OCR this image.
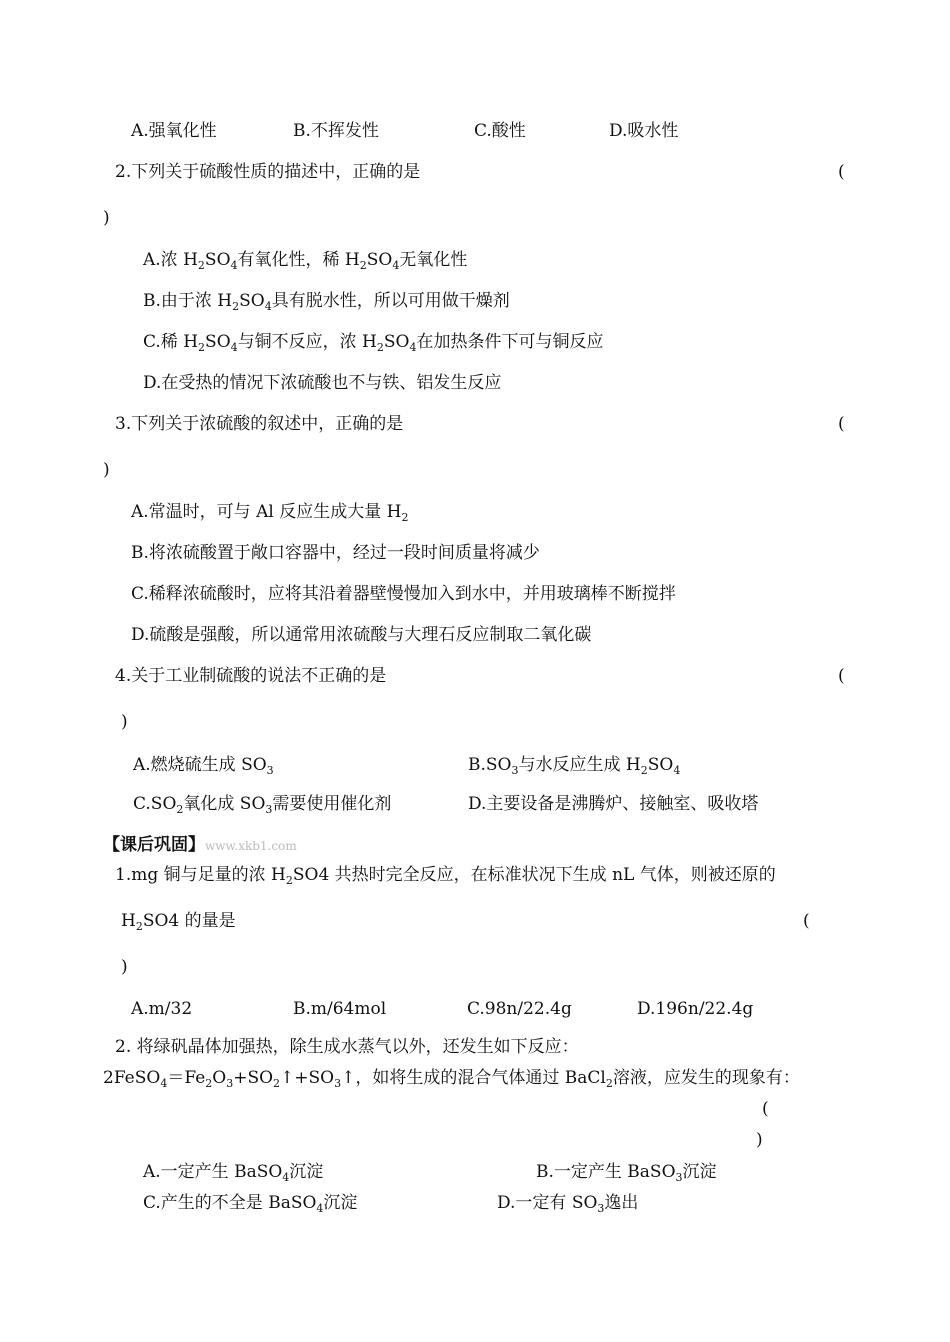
A.强氧化性	B.不挥发性	C.酸性	D.吸水性
2.下列关于硫酸性质的描述中，正确的是	(
)
A.浓 $H_2SO_4$有氧化性，稀 $H_2SO_4$无氧化性
B.由于浓 $H_2SO_4$具有脱水性，所以可用做干燥剂
C.稀 $H_2SO_4$与铜不反应，浓 $H_2SO_4$在加热条件下可与铜反应
D.在受热的情况下浓硫酸也不与铁、铝发生反应
3.下列关于浓硫酸的叙述中，正确的是	(
)
A.常温时，可与 Al 反应生成大量 $H_2$
B.将浓硫酸置于敞口容器中，经过一段时间质量将减少
C.稀释浓硫酸时，应将其沿着器壁慢慢加入到水中，并用玻璃棒不断搅拌
D.硫酸是强酸，所以通常用浓硫酸与大理石反应制取二氧化碳
4.关于工业制硫酸的说法不正确的是	(
)
A.燃烧硫生成 $SO_3$	$B.SO_3$与水反应生成 $H_2SO_4$
$C.SO_2$氧化成 $SO_3$需要使用催化剂	D.主要设备是沸腾炉、接触室、吸收塔
【课后巩固】www.xkb1.com
1.mg 铜与足量的浓 $H_2SO4$ 共热时完全反应，在标准状况下生成 nL 气体，则被还原的
$H_2SO4$ 的量是	(
)
A.m/32	B.m/64mol	C.98n/22.4g	D.196n/22.4g
2. 将绿矾晶体加强热，除生成水蒸气以外，还发生如下反应：
$2FeSO_4=Fe_2O_3+SO_2↑+SO_3↑$，如将生成的混合气体通过 BaCl$_2$溶液，应发生的现象有：
(
)
A.一定产生 BaSO$_4$沉淀	B.一定产生 BaSO$_3$沉淀
C.产生的不全是 BaSO$_4$沉淀	D.一定有 $SO_3$逸出
